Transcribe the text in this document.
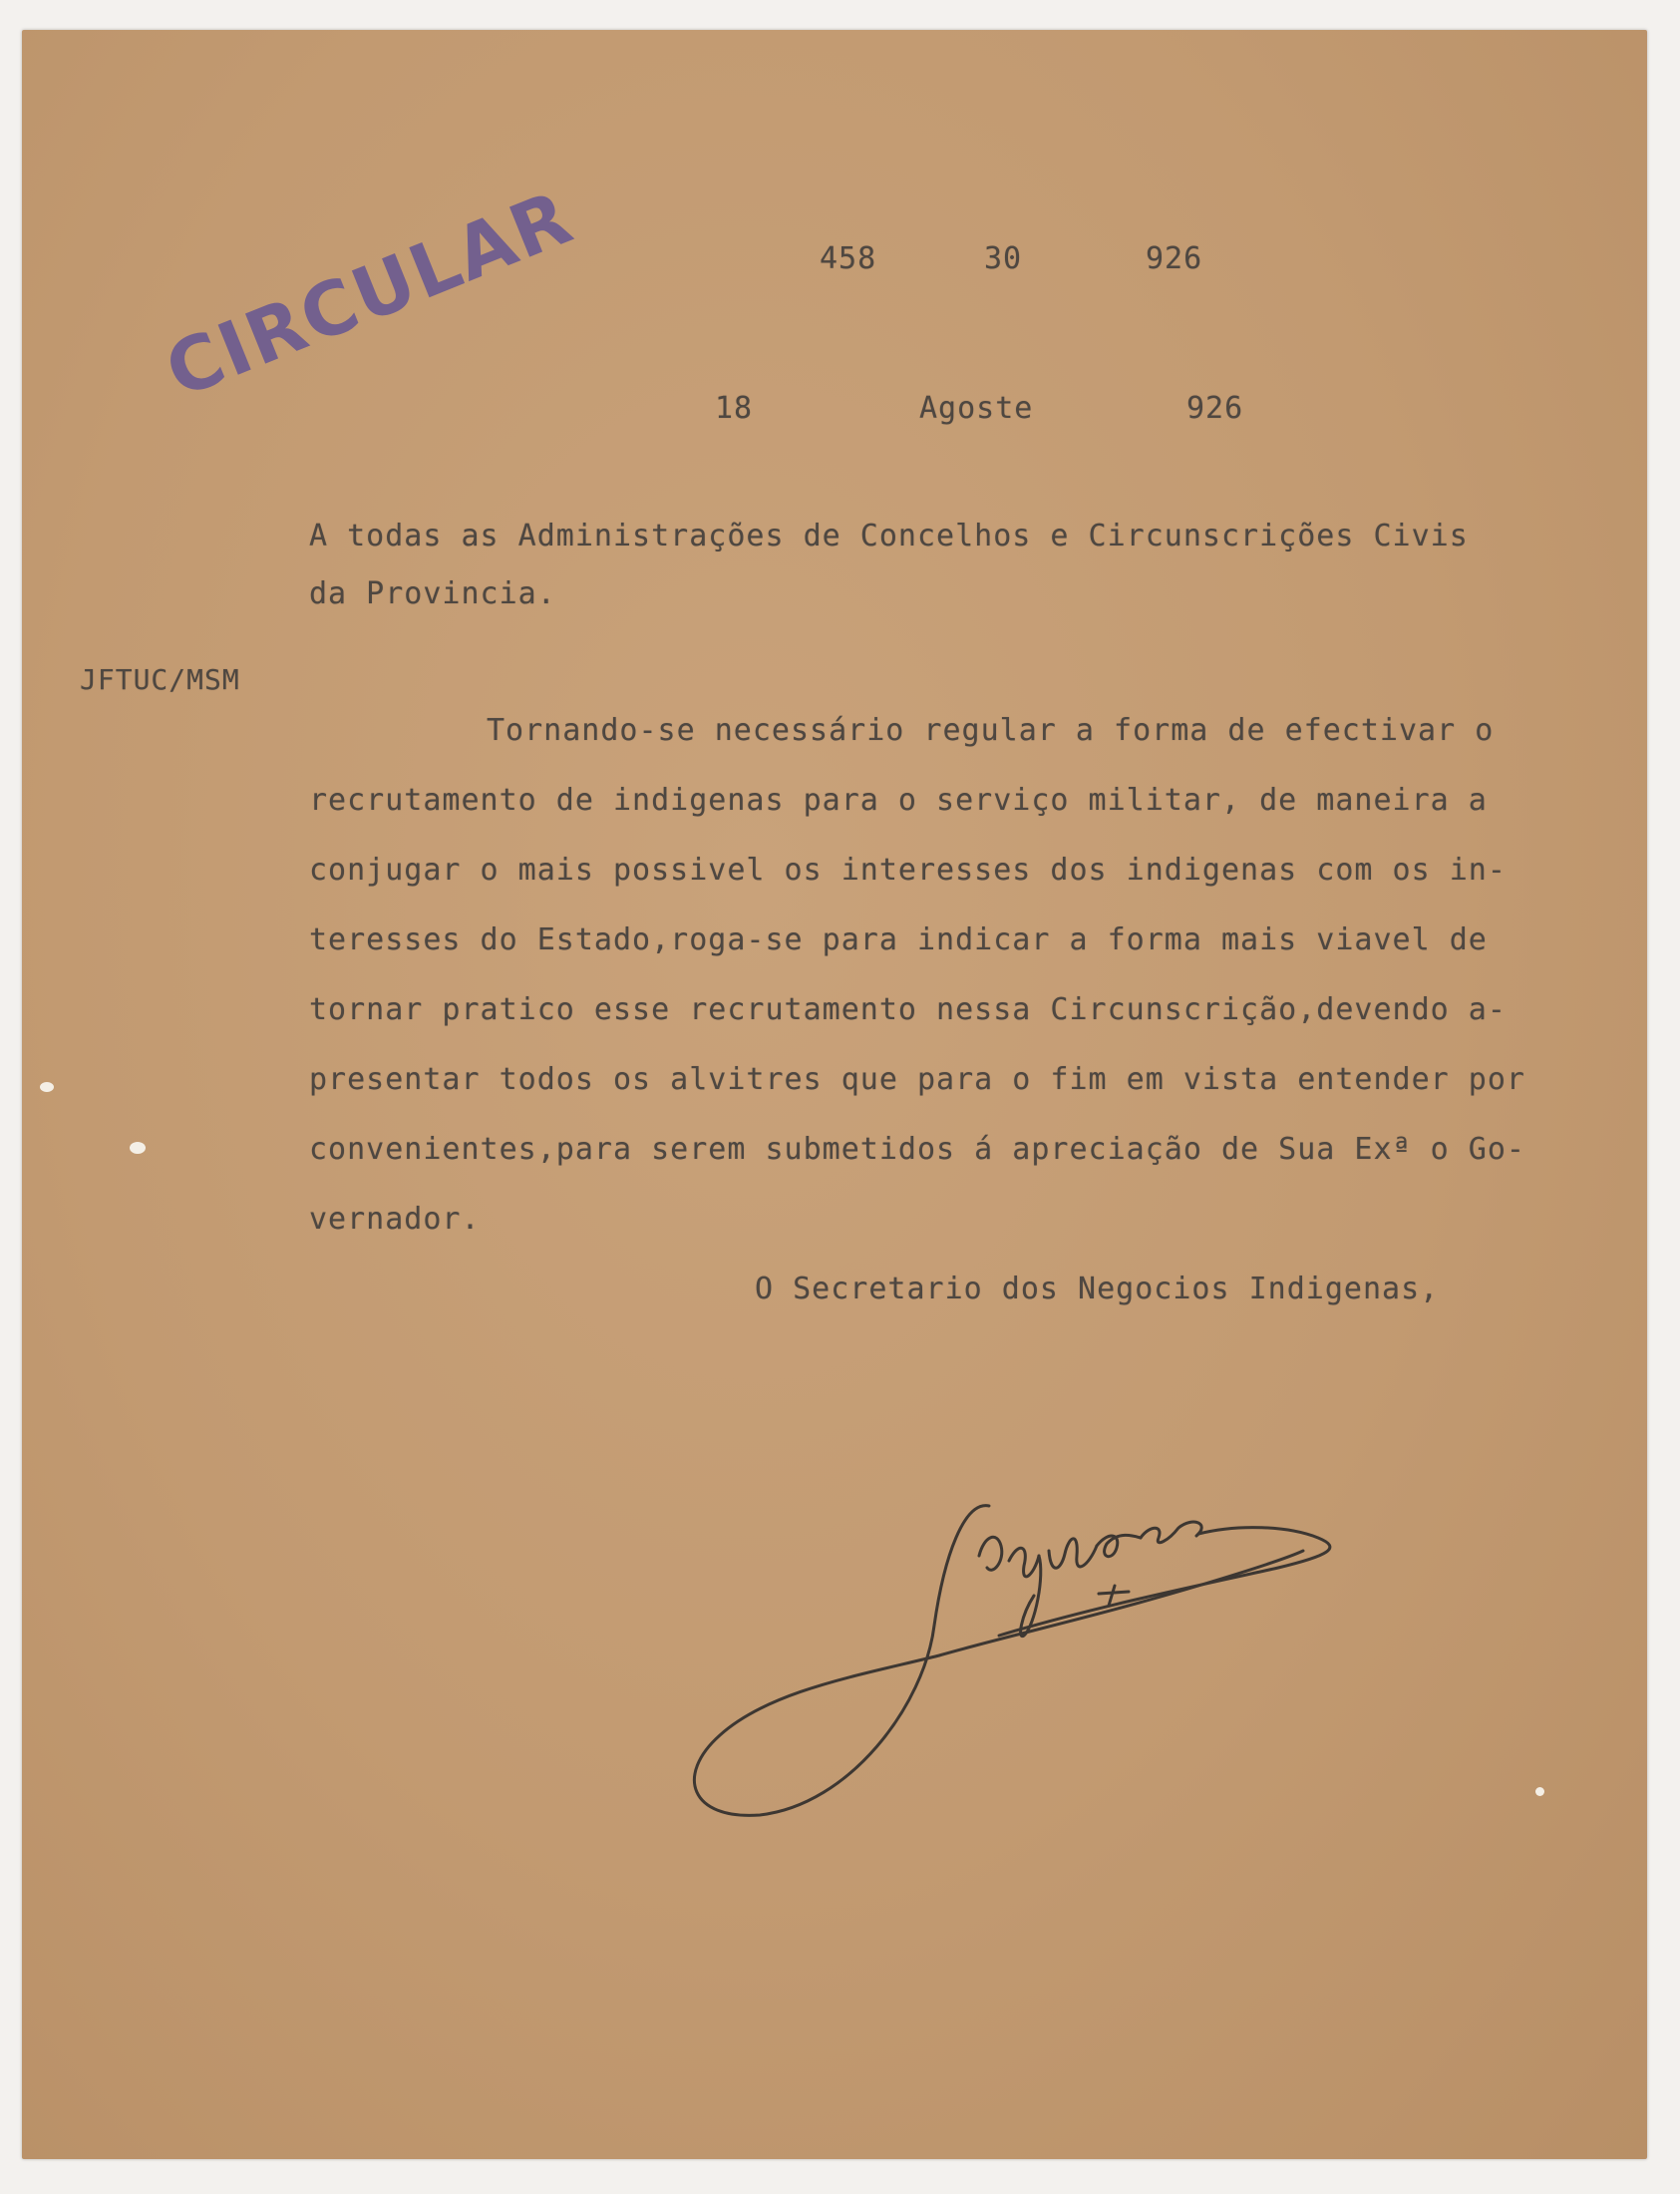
CIRCULAR	458	30	926
18	Agoste	926
A todas as Administrações de Concelhos e Circunscrições Civis
da Provincia.
JFTUC/MSM
Tornando-se necessário regular a forma de efectivar o
recrutamento de indigenas para o serviço militar, de maneira a
conjugar o mais possivel os interesses dos indigenas com os in-
teresses do Estado,roga-se para indicar a forma mais viavel de
tornar pratico esse recrutamento nessa Circunscrição,devendo a-
presentar todos os alvitres que para o fim em vista entender por
convenientes,para serem submetidos á apreciação de Sua Exª o Go-
vernador.
O Secretario dos Negocios Indigenas,
